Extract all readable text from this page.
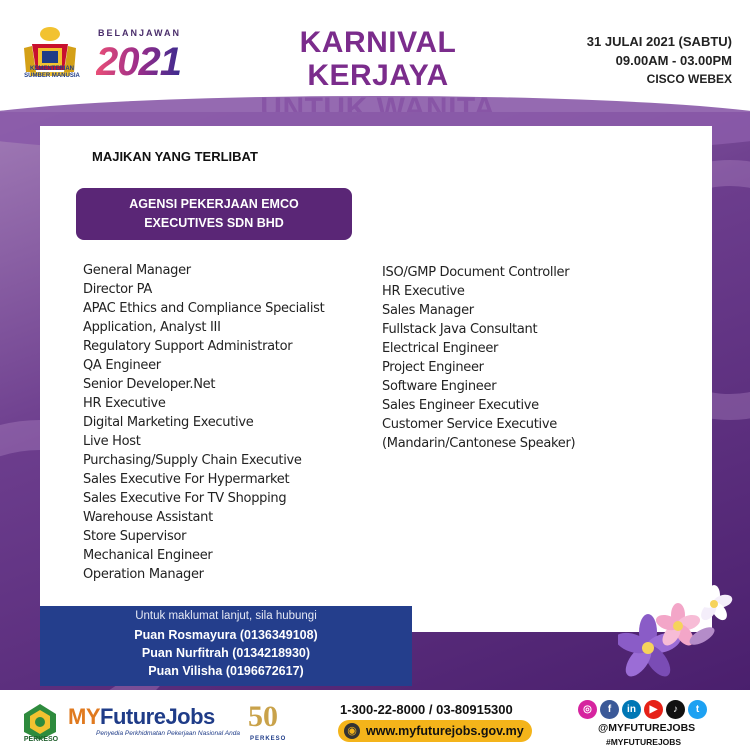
KEMENTERIAN
SUMBER MANUSIA
BELANJAWAN
2021	KARNIVAL KERJAYA
31 JULAI 2021 (SABTU)
09.00AM - 03.00PM
CISCO WEBEX
MAJIKAN YANG TERLIBAT
AGENSI PEKERJAAN EMCO
EXECUTIVES SDN BHD
General Manager
Director PA
APAC Ethics and Compliance Specialist
Application, Analyst III
Regulatory Support Administrator
QA Engineer
Senior Developer.Net
HR Executive
Digital Marketing Executive
Live Host
Purchasing/Supply Chain Executive
Sales Executive For Hypermarket
Sales Executive For TV Shopping
Warehouse Assistant
Store Supervisor
Mechanical Engineer
Operation Manager
ISO/GMP Document Controller
HR Executive
Sales Manager
Fullstack Java Consultant
Electrical Engineer
Project Engineer
Software Engineer
Sales Engineer Executive
Customer Service Executive
(Mandarin/Cantonese Speaker)
Untuk maklumat lanjut, sila hubungi
Puan Rosmayura (0136349108)
Puan Nurfitrah (0134218930)
Puan Vilisha (0196672617)
PERKESO
MYFutureJobs
Penyedia Perkhidmatan Pekerjaan Nasional Anda
50
PERKESO
1-300-22-8000 / 03-80915300
◉ www.myfuturejobs.gov.my
◎	f	in	▶	♪	t
@MYFUTUREJOBS
#MYFUTUREJOBS
